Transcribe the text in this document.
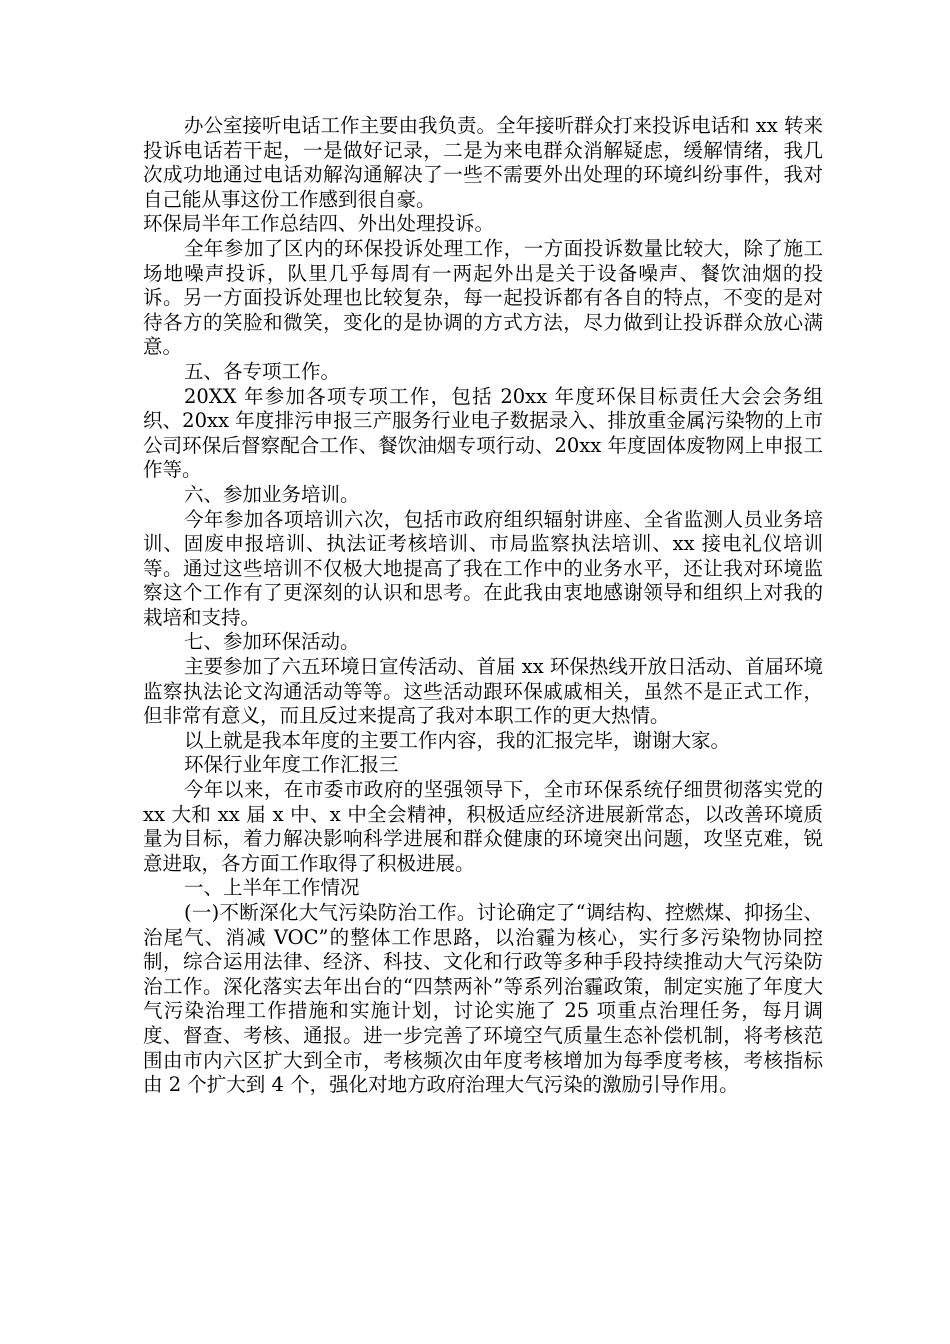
办公室接听电话工作主要由我负责。全年接听群众打来投诉电话和 xx 转来投诉电话若干起，一是做好记录，二是为来电群众消解疑虑，缓解情绪，我几次成功地通过电话劝解沟通解决了一些不需要外出处理的环境纠纷事件，我对自己能从事这份工作感到很自豪。

环保局半年工作总结四、外出处理投诉。

全年参加了区内的环保投诉处理工作，一方面投诉数量比较大，除了施工场地噪声投诉，队里几乎每周有一两起外出是关于设备噪声、餐饮油烟的投诉。另一方面投诉处理也比较复杂，每一起投诉都有各自的特点，不变的是对待各方的笑脸和微笑，变化的是协调的方式方法，尽力做到让投诉群众放心满意。

五、各专项工作。

20XX 年参加各项专项工作，包括 20xx 年度环保目标责任大会会务组织、20xx 年度排污申报三产服务行业电子数据录入、排放重金属污染物的上市公司环保后督察配合工作、餐饮油烟专项行动、20xx 年度固体废物网上申报工作等。

六、参加业务培训。

今年参加各项培训六次，包括市政府组织辐射讲座、全省监测人员业务培训、固废申报培训、执法证考核培训、市局监察执法培训、xx 接电礼仪培训等。通过这些培训不仅极大地提高了我在工作中的业务水平，还让我对环境监察这个工作有了更深刻的认识和思考。在此我由衷地感谢领导和组织上对我的栽培和支持。

七、参加环保活动。

主要参加了六五环境日宣传活动、首届 xx 环保热线开放日活动、首届环境监察执法论文沟通活动等等。这些活动跟环保戚戚相关，虽然不是正式工作，但非常有意义，而且反过来提高了我对本职工作的更大热情。

以上就是我本年度的主要工作内容，我的汇报完毕，谢谢大家。

环保行业年度工作汇报三

今年以来，在市委市政府的坚强领导下，全市环保系统仔细贯彻落实党的 xx 大和 xx 届 x 中、x 中全会精神，积极适应经济进展新常态，以改善环境质量为目标，着力解决影响科学进展和群众健康的环境突出问题，攻坚克难，锐意进取，各方面工作取得了积极进展。

一、上半年工作情况

(一)不断深化大气污染防治工作。讨论确定了“调结构、控燃煤、抑扬尘、治尾气、消减 VOC”的整体工作思路，以治霾为核心，实行多污染物协同控制，综合运用法律、经济、科技、文化和行政等多种手段持续推动大气污染防治工作。深化落实去年出台的“四禁两补”等系列治霾政策，制定实施了年度大气污染治理工作措施和实施计划，讨论实施了 25 项重点治理任务，每月调度、督查、考核、通报。进一步完善了环境空气质量生态补偿机制，将考核范围由市内六区扩大到全市，考核频次由年度考核增加为每季度考核，考核指标由 2 个扩大到 4 个，强化对地方政府治理大气污染的激励引导作用。
